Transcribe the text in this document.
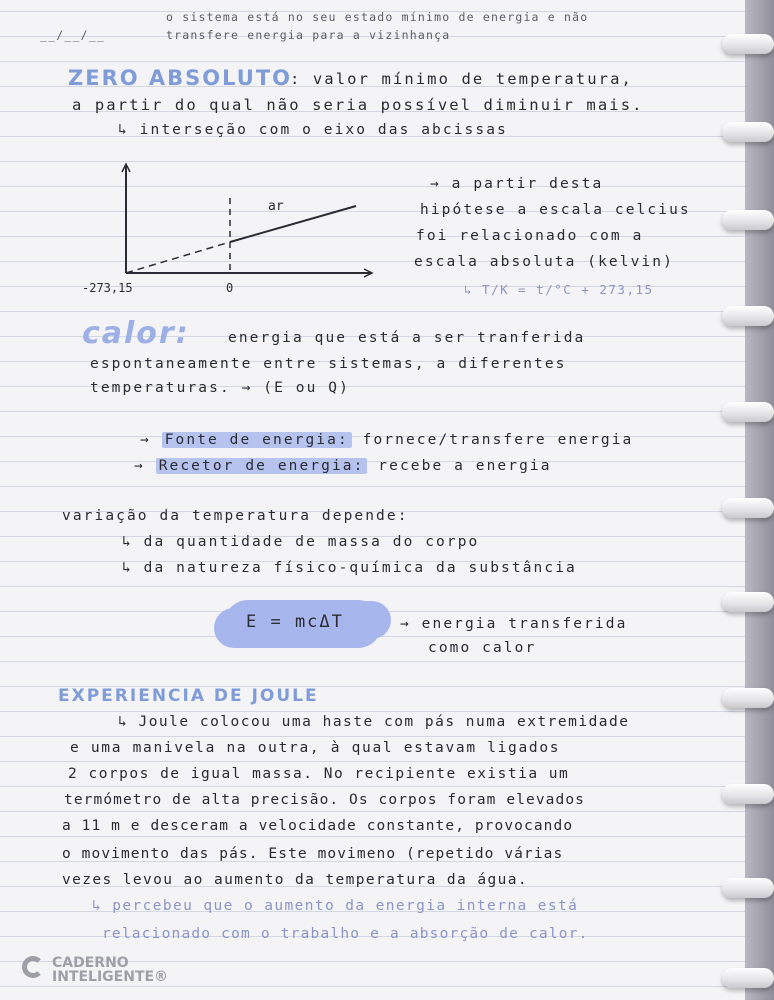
__/__/__
o sistema está no seu estado mínimo de energia e não
transfere energia para a vizinhança
ZERO ABSOLUTO
: valor mínimo de temperatura,
a partir do qual não seria possível diminuir mais.
↳ interseção com o eixo das abcissas
ar
-273,15	0
→ a partir desta
hipótese a escala celcius
foi relacionado com a
escala absoluta (kelvin)
↳ T/K = t/°C + 273,15
calor:	energia que está a ser tranferida
espontaneamente entre sistemas, a diferentes
temperaturas. → (E ou Q)
→ Fonte de energia: fornece/transfere energia
→ Recetor de energia: recebe a energia
variação da temperatura depende:
↳ da quantidade de massa do corpo
↳ da natureza físico-química da substância
E = mcΔT	→ energia transferida
como calor
EXPERIENCIA DE JOULE
↳ Joule colocou uma haste com pás numa extremidade
e uma manivela na outra, à qual estavam ligados
2 corpos de igual massa. No recipiente existia um
termómetro de alta precisão. Os corpos foram elevados
a 11 m e desceram a velocidade constante, provocando
o movimento das pás. Este movimeno (repetido várias
vezes levou ao aumento da temperatura da água.
↳ percebeu que o aumento da energia interna está
relacionado com o trabalho e a absorção de calor.
CADERNO
INTELIGENTE®
